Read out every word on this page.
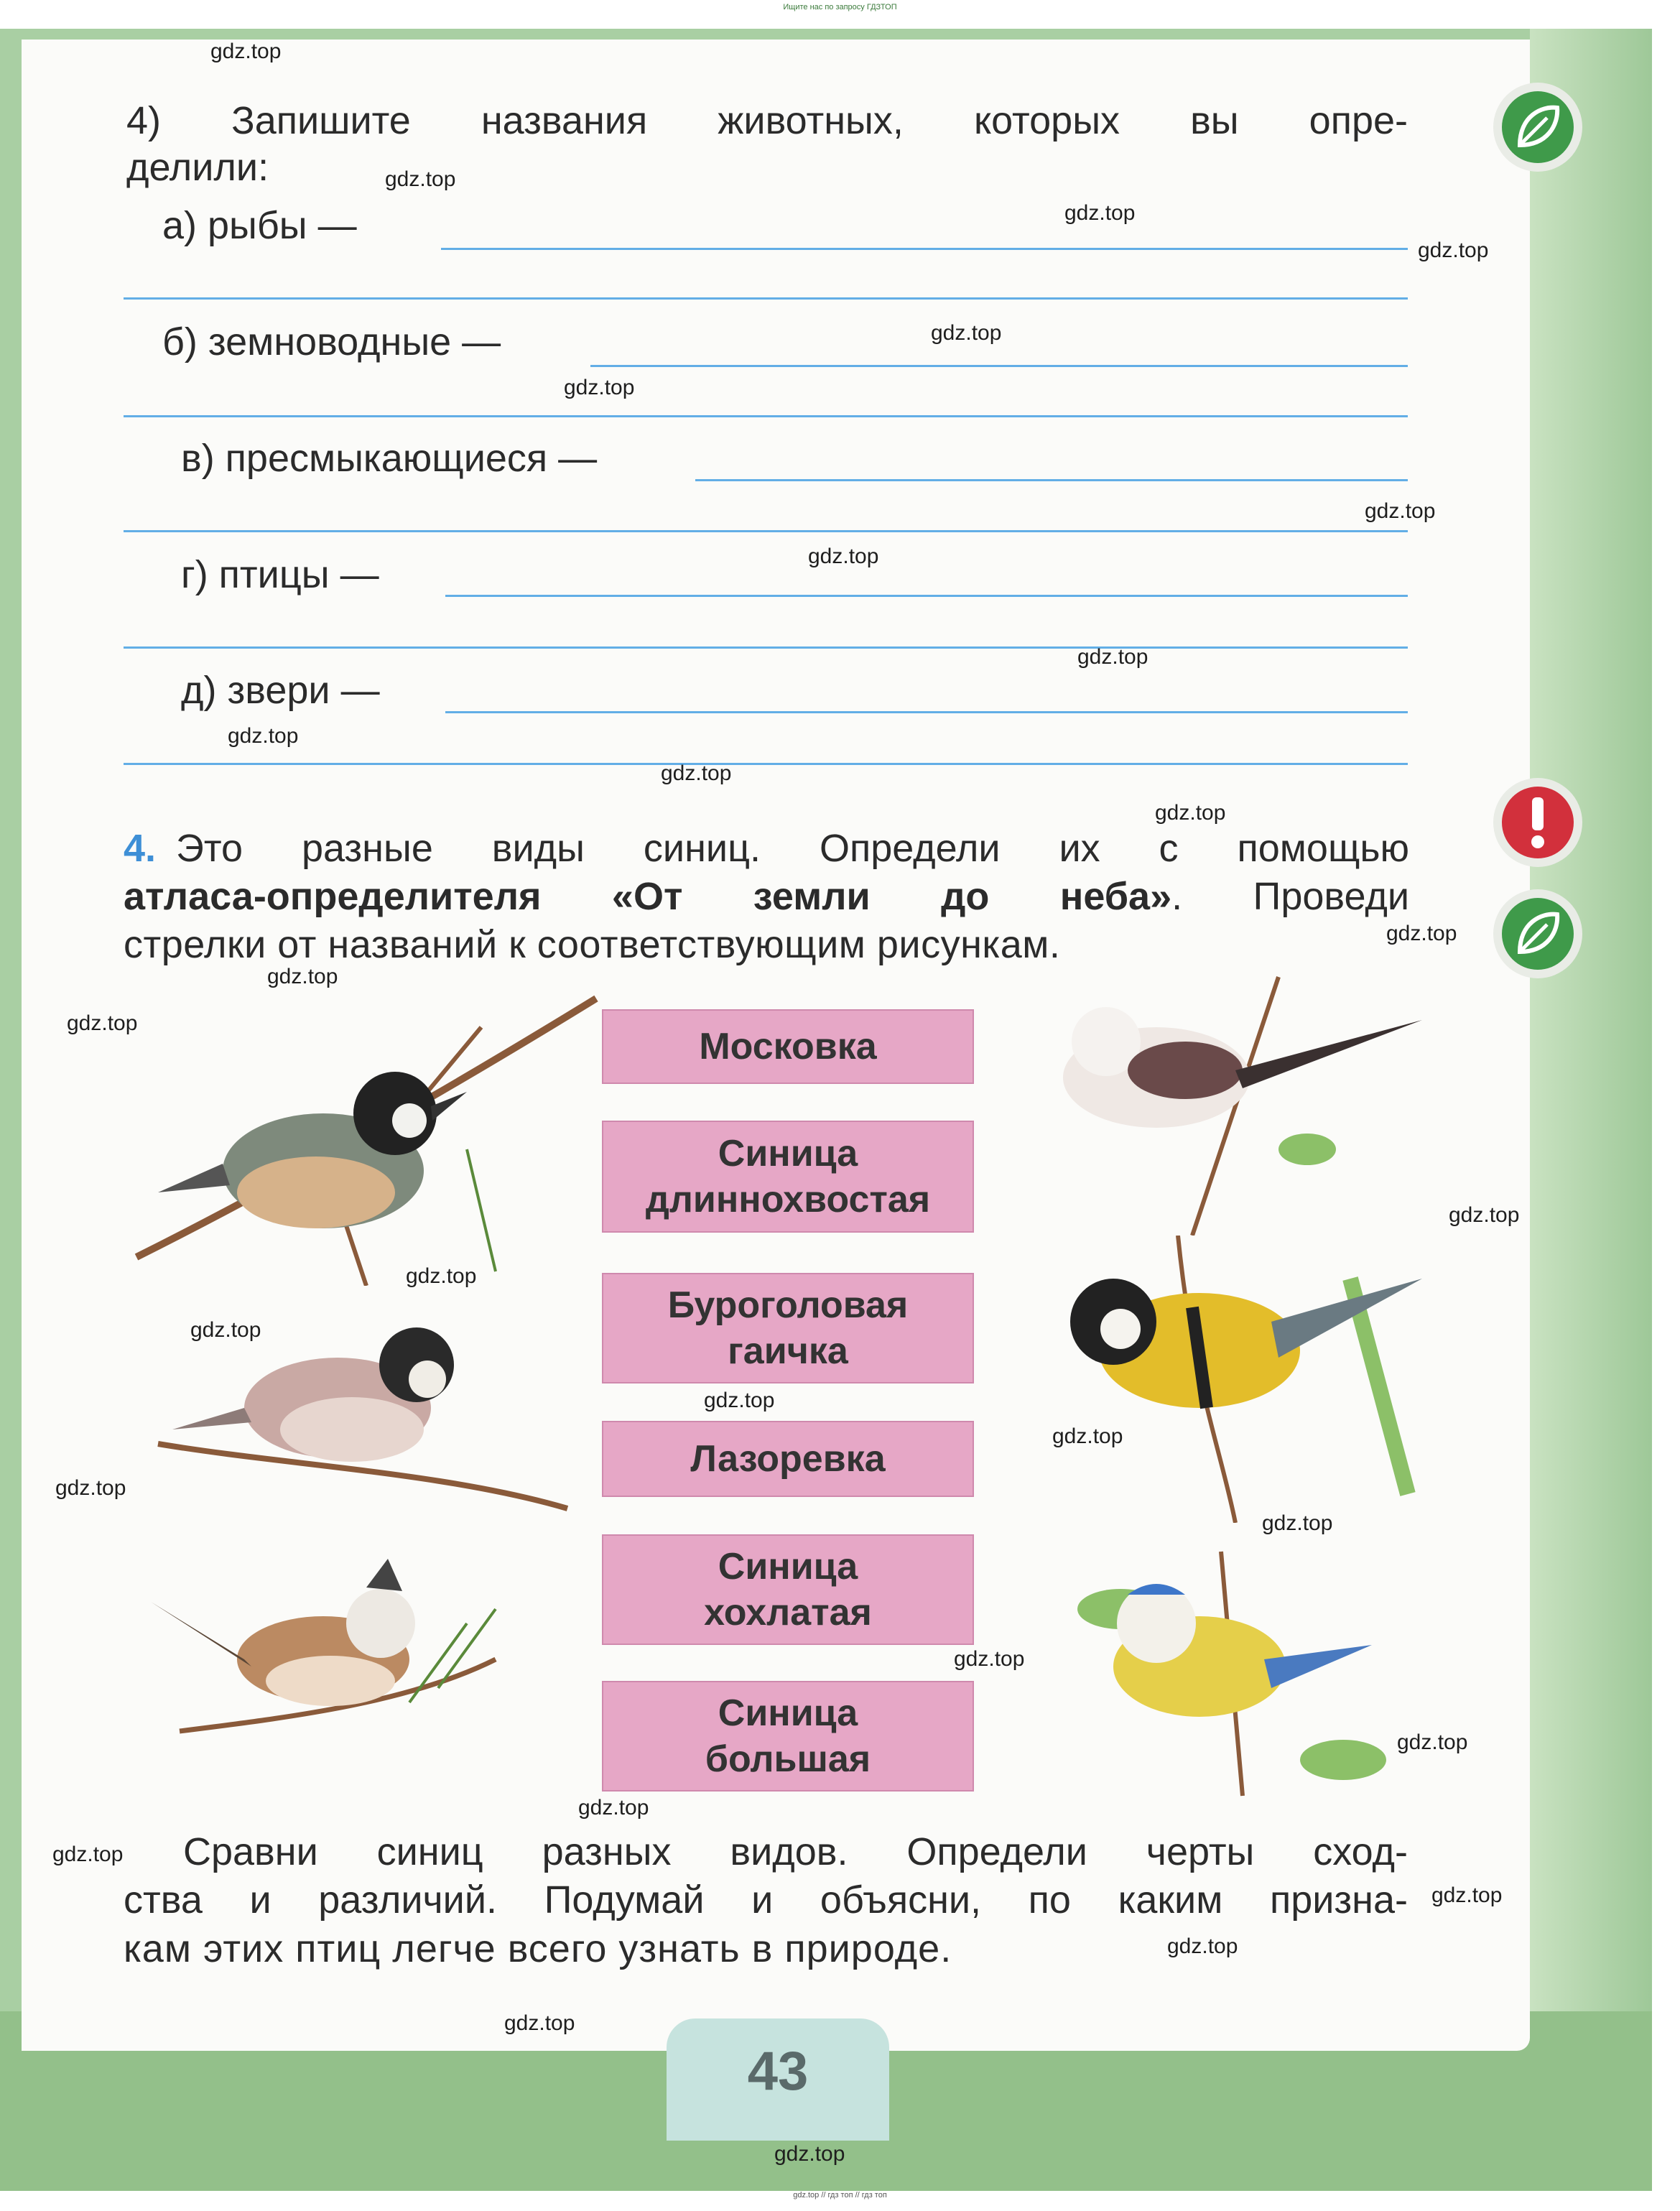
Ищите нас по запросу ГДЗТОП
4) Запишите названия животных, которых вы опре-
делили:
а) рыбы —
б) земноводные —
в) пресмыкающиеся —
г) птицы —
д) звери —
4. Это разные виды синиц. Определи их с помощью
атласа-определителя «От земли до неба». Проведи
стрелки от названий к соответствующим рисункам.
Московка
Синица
длиннохвостая
Буроголовая
гаичка
Лазоревка
Синица
хохлатая
Синица
большая
Сравни синиц разных видов. Определи черты сход-
ства и различий. Подумай и объясни, по каким призна-
кам этих птиц легче всего узнать в природе.
43
gdz.top
gdz.top
gdz.top
gdz.top
gdz.top
gdz.top
gdz.top
gdz.top
gdz.top
gdz.top
gdz.top
gdz.top
gdz.top
gdz.top
gdz.top
gdz.top
gdz.top
gdz.top
gdz.top
gdz.top
gdz.top
gdz.top
gdz.top
gdz.top
gdz.top
gdz.top
gdz.top
gdz.top
gdz.top
gdz.top
gdz.top // гдз топ // гдз топ
